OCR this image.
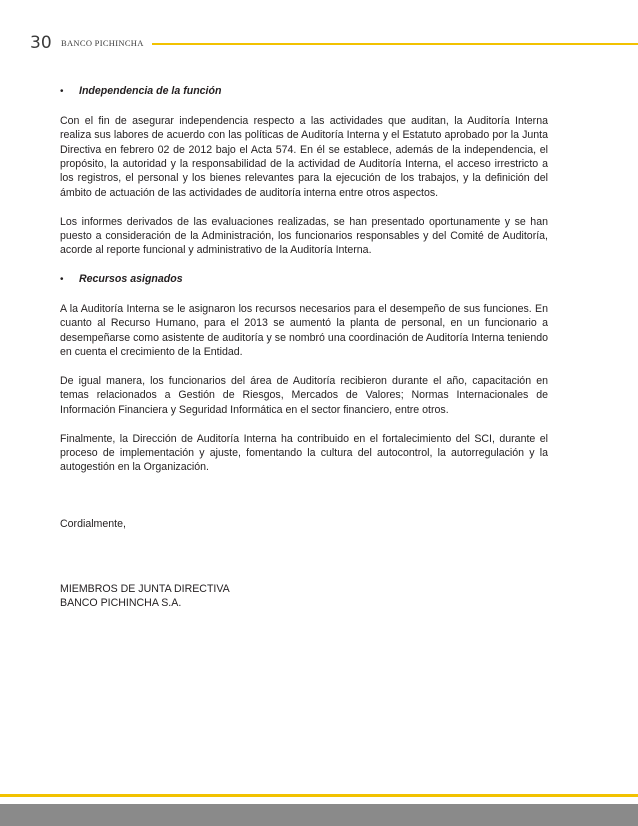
30 BANCO PICHINCHA
•	Independencia de la función

Con el fin de asegurar independencia respecto a las actividades que auditan, la Auditoría Interna realiza sus labores de acuerdo con las políticas de Auditoría Interna y el Estatuto aprobado por la Junta Directiva en febrero 02 de 2012 bajo el Acta 574. En él se establece, además de la independencia, el propósito, la autoridad y la responsabilidad de la actividad de Auditoría Interna, el acceso irrestricto a los registros, el personal y los bienes relevantes para la ejecución de los trabajos, y la definición del ámbito de actuación de las actividades de auditoría interna entre otros aspectos.

Los informes derivados de las evaluaciones realizadas, se han presentado oportunamente y se han puesto a consideración de la Administración, los funcionarios responsables y del Comité de Auditoría, acorde al reporte funcional y administrativo de la Auditoría Interna.

•	Recursos asignados

A la Auditoría Interna se le asignaron los recursos necesarios para el desempeño de sus funciones. En cuanto al Recurso Humano, para el 2013 se aumentó la planta de personal, en un funcionario a desempeñarse como asistente de auditoría y se nombró una coordinación de Auditoría Interna teniendo en cuenta el crecimiento de la Entidad.

De igual manera, los funcionarios del área de Auditoría recibieron durante el año, capacitación en temas relacionados a Gestión de Riesgos, Mercados de Valores; Normas Internacionales de Información Financiera y Seguridad Informática en el sector financiero, entre otros.

Finalmente, la Dirección de Auditoría Interna ha contribuido en el fortalecimiento del SCI, durante el proceso de implementación y ajuste, fomentando la cultura del autocontrol, la autorregulación y la autogestión en la Organización.

Cordialmente,

MIEMBROS DE JUNTA DIRECTIVA

BANCO PICHINCHA S.A.
